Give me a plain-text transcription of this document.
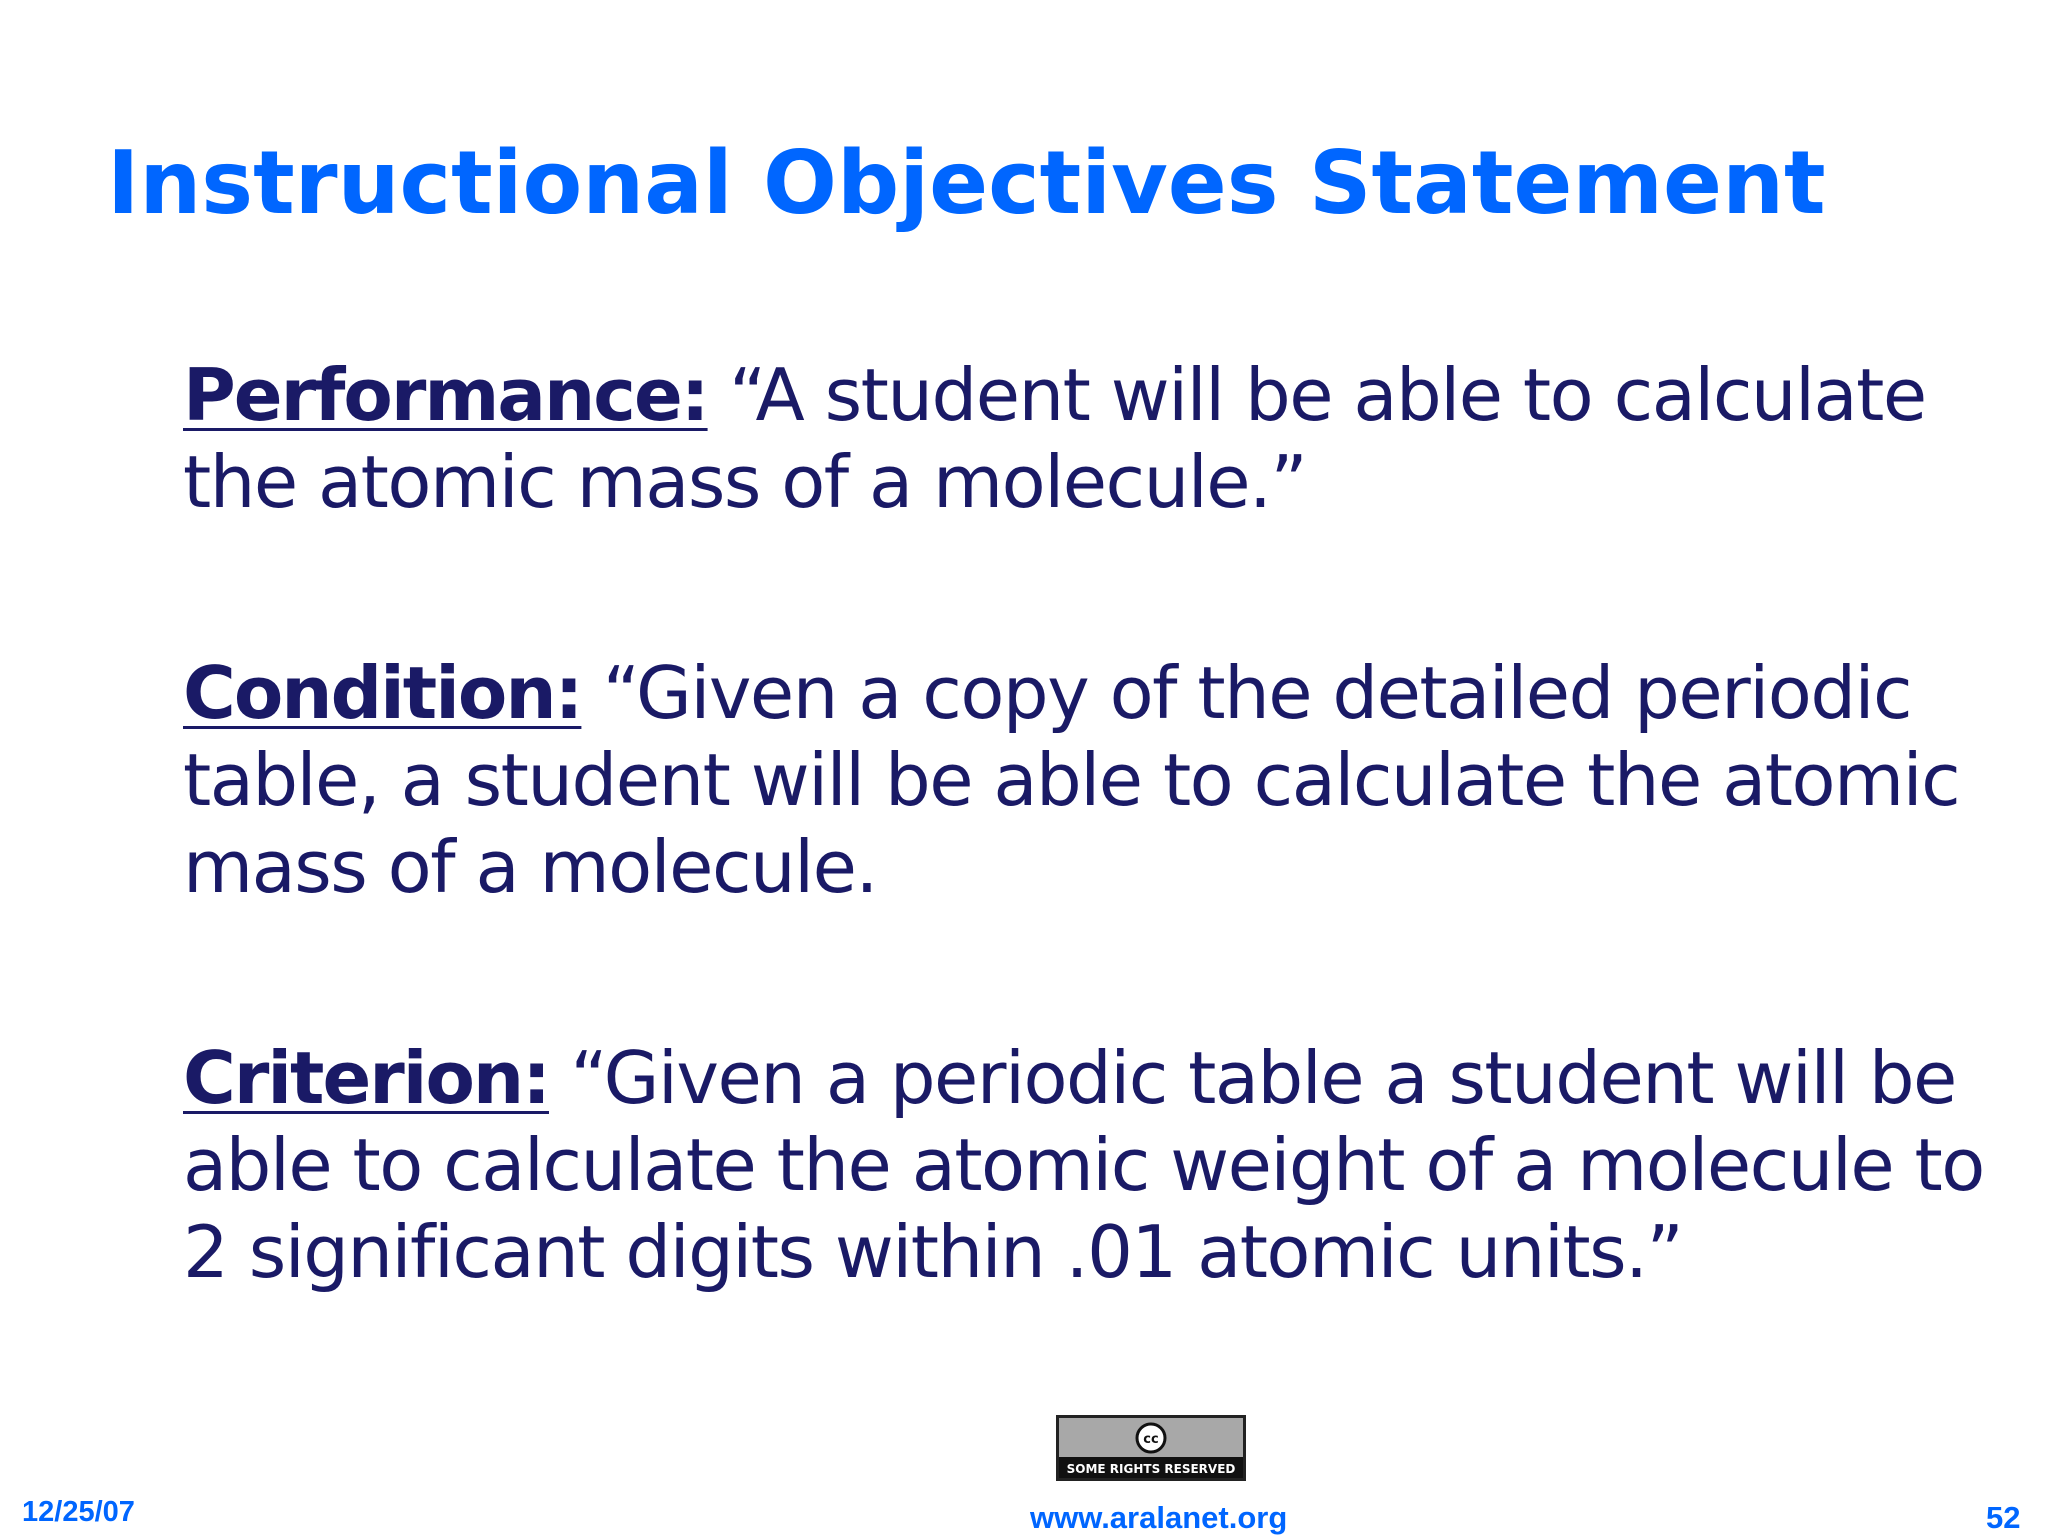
Instructional Objectives Statement

Performance: “A student will be able to calculate the atomic mass of a molecule.”

Condition: “Given a copy of the detailed periodic table, a student will be able to calculate the atomic mass of a molecule.

Criterion: “Given a periodic table a student will be able to calculate the atomic weight of a molecule to 2 significant digits within .01 atomic units.”

cc
SOME RIGHTS RESERVED
12/25/07	www.aralanet.org	52
